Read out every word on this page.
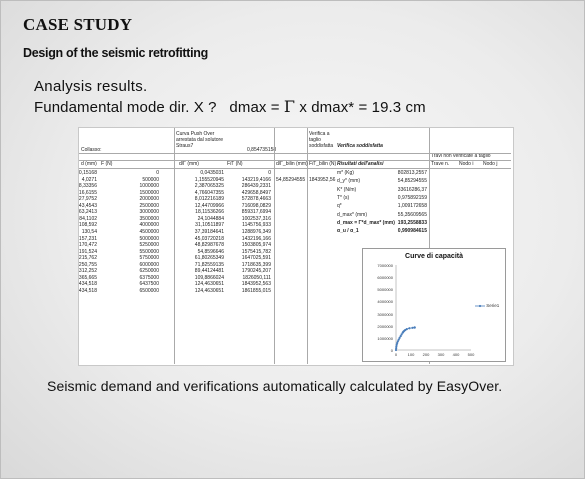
CASE STUDY
Design of the seismic retrofitting
Analysis results.
Fundamental mode dir. X ?   dmax = Γ x dmax* = 19.3 cm
Collasso:
Curva Push Over
arrestata dal solutore
Straus7
0,854735158
Verifica a
taglio
soddisfatta Verifica soddisfatta
Travi non verificate a taglio
Trave n. Nodo i Nodo j
d (mm) F (N)	d/Γ (mm)	F/Γ (N)	d/Γ_bilin (mm) F/Γ_bilin (N) Risultati dell'analisi
0,15168	0	0,0435031	0
4,0271	500000	1,155520945	143219,4166
8,33356	1000000	2,387065325	286439,2331
16,6155	1500000	4,766047355	429658,8497
27,9752	2000000	8,012216189	572878,4663
43,4543	2500000	12,44709966	716098,0829
63,2413	3000000	18,11536266	859317,6994
84,1102	3500000	24,1044884	1002537,316
108,592	4000000	31,10511897	1145756,933
130,54	4500000	37,39184641	1288976,349
157,231	5000000	45,03720218	1432196,166
170,472	5250000	48,82987678	1503805,974
191,524	5500000	54,8596646	1575415,782
215,762	5750000	61,80265349	1647025,591
250,755	6000000	71,82559135	1718635,399
312,252	6250000	89,44124481	1790245,207
365,665	6375000	109,8866024	1826050,111
434,518	6437500	124,4630651	1843952,563
434,518	6500000	124,4630651	1861855,015
54,85294555 1843952,56
m* (Kg)	802813,2557
d_y* (mm)	54,85294555
K* (N/m)	33616286,37
T* (s)	0,975892159
q*	1,009172658
d_max* (mm)	55,35609565
d_max = Γ*d_max* (mm) 193,2558833
α_u / α_1	0,990984615
Curve di capacità
7000000
6000000
5000000
4000000
3000000
2000000
1000000
0
0	100	200	300	400	500
Serie1
Seismic demand and verifications automatically calculated by EasyOver.
